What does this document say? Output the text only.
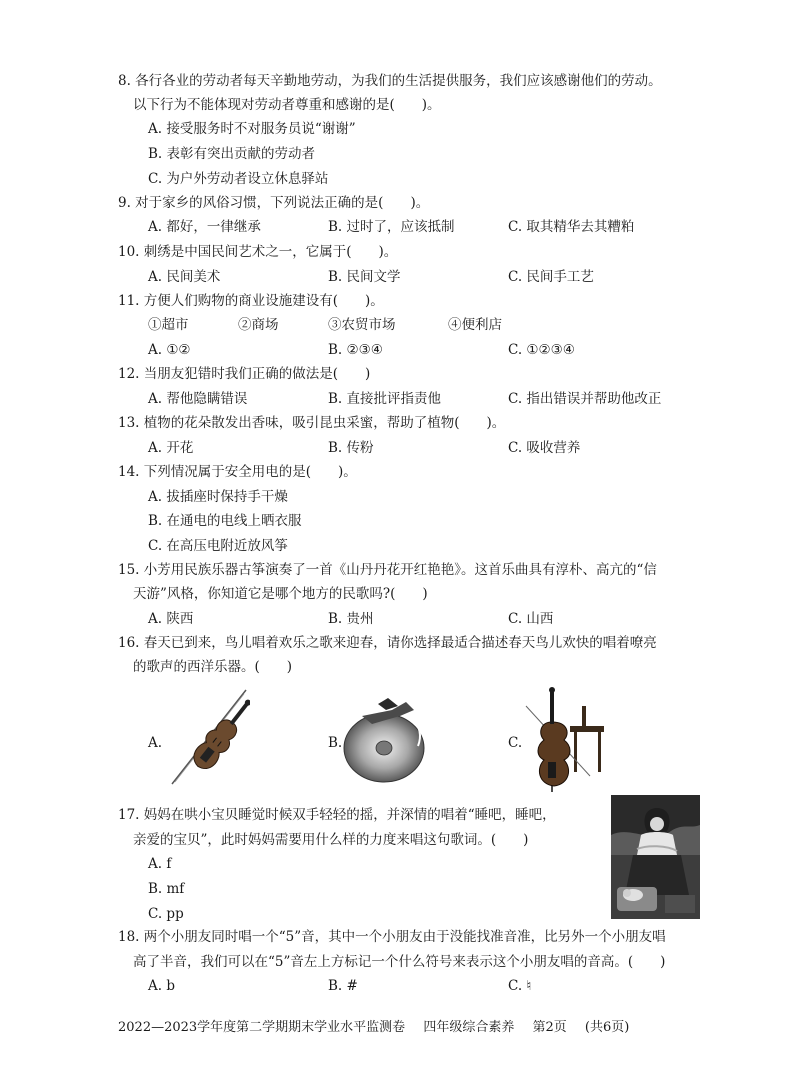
8. 各行各业的劳动者每天辛勤地劳动，为我们的生活提供服务，我们应该感谢他们的劳动。
以下行为不能体现对劳动者尊重和感谢的是(　　)。
A. 接受服务时不对服务员说“谢谢”
B. 表彰有突出贡献的劳动者
C. 为户外劳动者设立休息驿站
9. 对于家乡的风俗习惯，下列说法正确的是(　　)。
A. 都好，一律继承	B. 过时了，应该抵制	C. 取其精华去其糟粕
10. 刺绣是中国民间艺术之一，它属于(　　)。
A. 民间美术	B. 民间文学	C. 民间手工艺
11. 方便人们购物的商业设施建设有(　　)。
①超市	②商场	③农贸市场	④便利店
A. ①②	B. ②③④	C. ①②③④
12. 当朋友犯错时我们正确的做法是(　　)
A. 帮他隐瞒错误	B. 直接批评指责他	C. 指出错误并帮助他改正
13. 植物的花朵散发出香味，吸引昆虫采蜜，帮助了植物(　　)。
A. 开花	B. 传粉	C. 吸收营养
14. 下列情况属于安全用电的是(　　)。
A. 拔插座时保持手干燥
B. 在通电的电线上晒衣服
C. 在高压电附近放风筝
15. 小芳用民族乐器古筝演奏了一首《山丹丹花开红艳艳》。这首乐曲具有淳朴、高亢的“信
天游”风格，你知道它是哪个地方的民歌吗?(　　)
A. 陕西	B. 贵州	C. 山西
16. 春天已到来，鸟儿唱着欢乐之歌来迎春，请你选择最适合描述春天鸟儿欢快的唱着嘹亮
的歌声的西洋乐器。(　　)
A.	B.	C.
17. 妈妈在哄小宝贝睡觉时候双手轻轻的摇，并深情的唱着“睡吧，睡吧，
亲爱的宝贝”，此时妈妈需要用什么样的力度来唱这句歌词。(　　)
A. f
B. mf
C. pp
18. 两个小朋友同时唱一个“5”音，其中一个小朋友由于没能找准音准，比另外一个小朋友唱
高了半音，我们可以在“5”音左上方标记一个什么符号来表示这个小朋友唱的音高。(　　)
A. b	B. #	C. ♮
2022—2023学年度第二学期期末学业水平监测卷 四年级综合素养 第2页 (共6页)
